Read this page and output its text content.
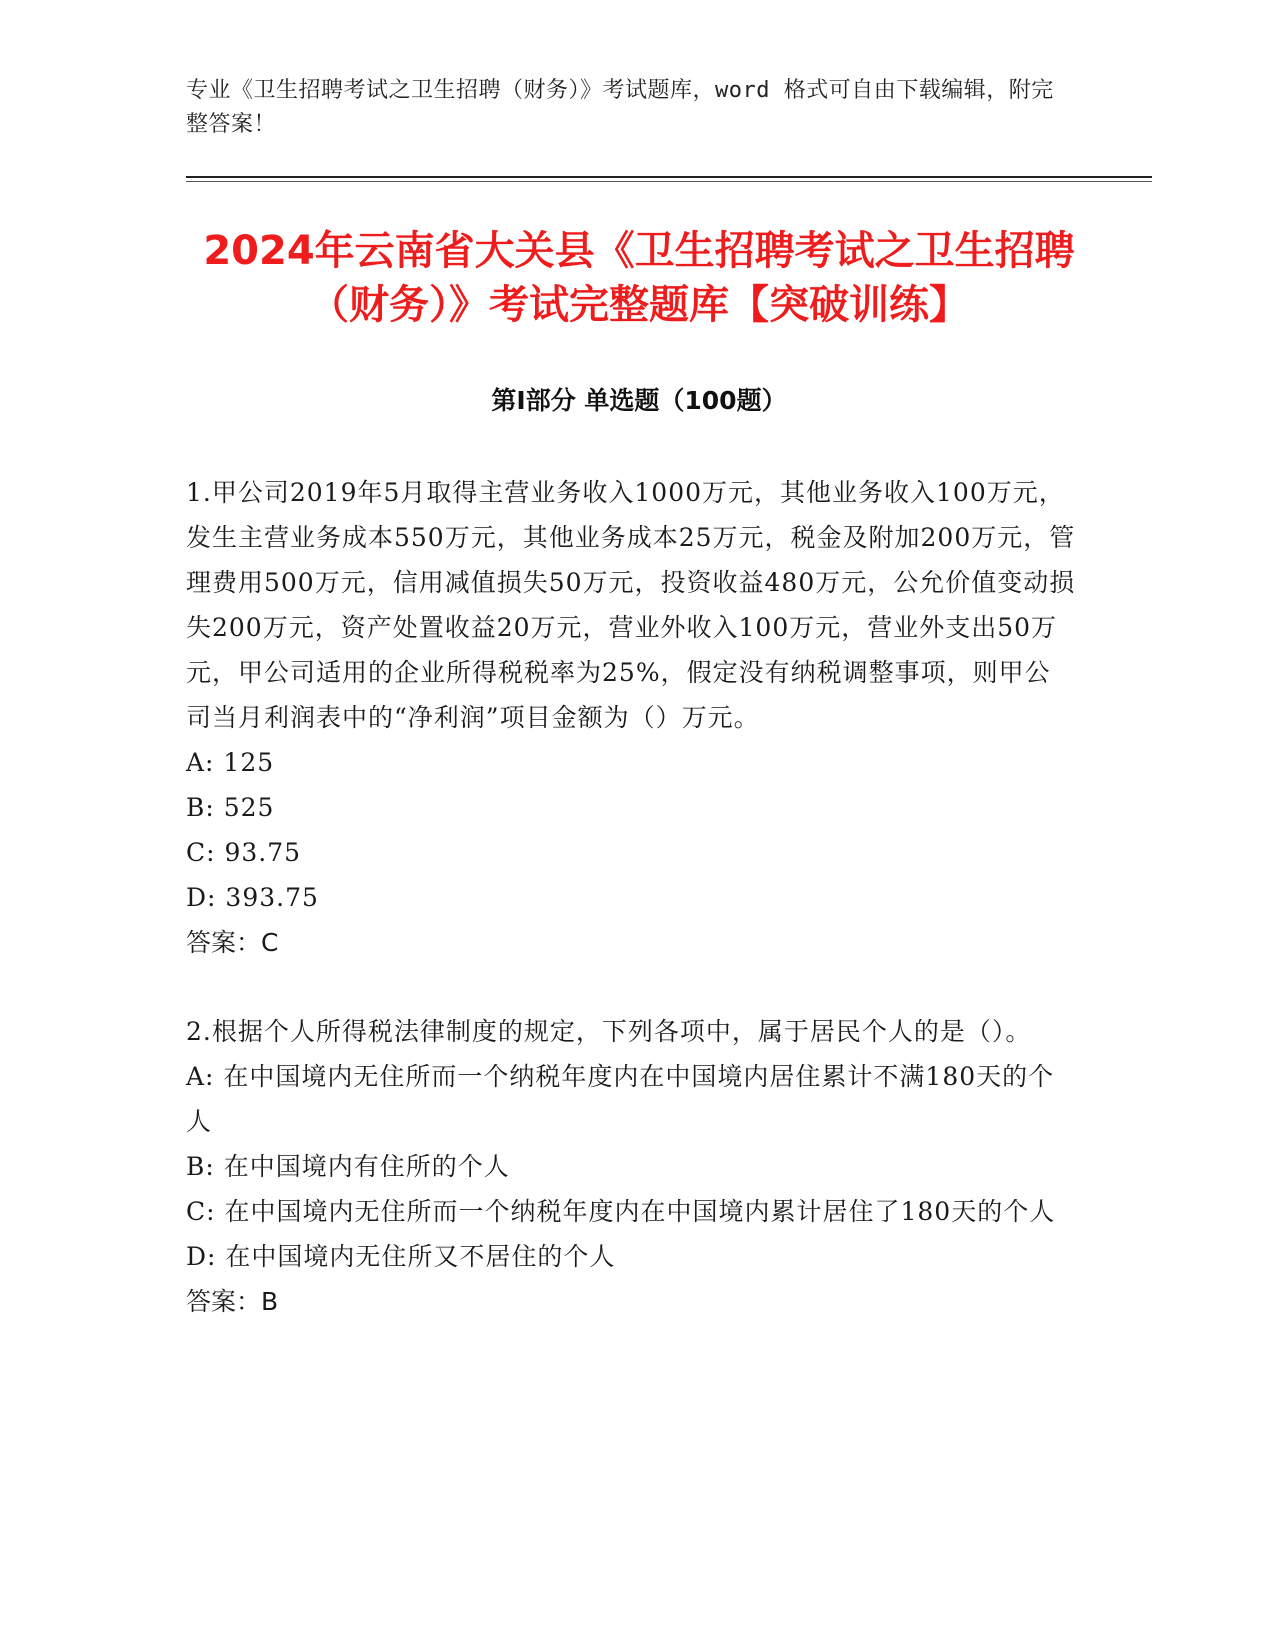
专业《卫生招聘考试之卫生招聘（财务）》考试题库，word 格式可自由下载编辑，附完整答案！
2024年云南省大关县《卫生招聘考试之卫生招聘（财务）》考试完整题库【突破训练】
第Ⅰ部分 单选题（100题）

1.甲公司2019年5月取得主营业务收入1000万元，其他业务收入100万元，发生主营业务成本550万元，其他业务成本25万元，税金及附加200万元，管理费用500万元，信用减值损失50万元，投资收益480万元，公允价值变动损失200万元，资产处置收益20万元，营业外收入100万元，营业外支出50万元，甲公司适用的企业所得税税率为25%，假定没有纳税调整事项，则甲公司当月利润表中的“净利润”项目金额为（）万元。

A: 125

B: 525

C: 93.75

D: 393.75

答案：C

2.根据个人所得税法律制度的规定，下列各项中，属于居民个人的是（）。

A: 在中国境内无住所而一个纳税年度内在中国境内居住累计不满180天的个人

B: 在中国境内有住所的个人

C: 在中国境内无住所而一个纳税年度内在中国境内累计居住了180天的个人

D: 在中国境内无住所又不居住的个人

答案：B
